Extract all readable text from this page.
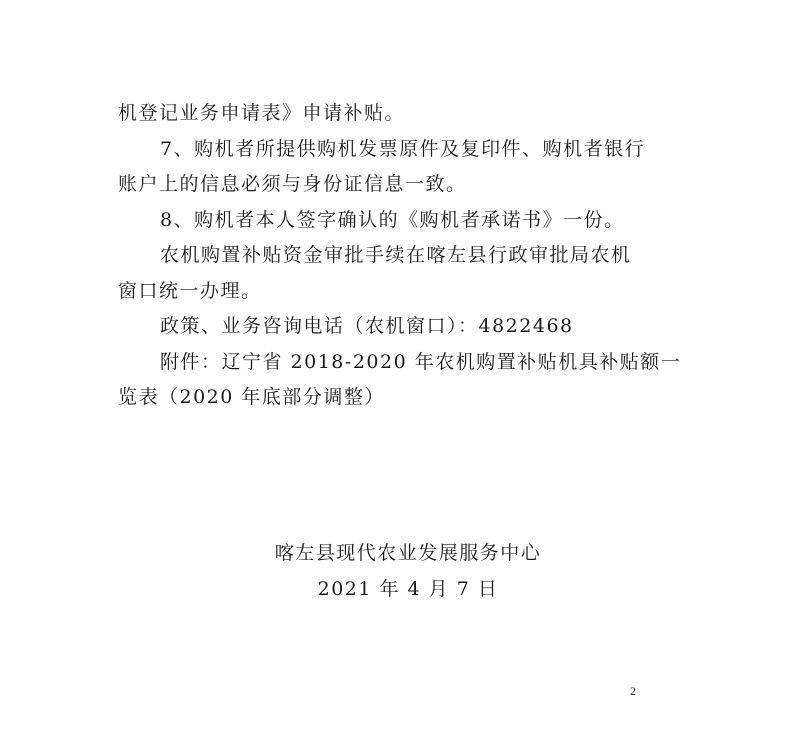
机登记业务申请表》申请补贴。

7、购机者所提供购机发票原件及复印件、购机者银行

账户上的信息必须与身份证信息一致。

8、购机者本人签字确认的《购机者承诺书》一份。

农机购置补贴资金审批手续在喀左县行政审批局农机

窗口统一办理。

政策、业务咨询电话（农机窗口）：4822468

附件：辽宁省 2018-2020 年农机购置补贴机具补贴额一

览表（2020 年底部分调整）

喀左县现代农业发展服务中心

2021 年 4 月 7 日

2
